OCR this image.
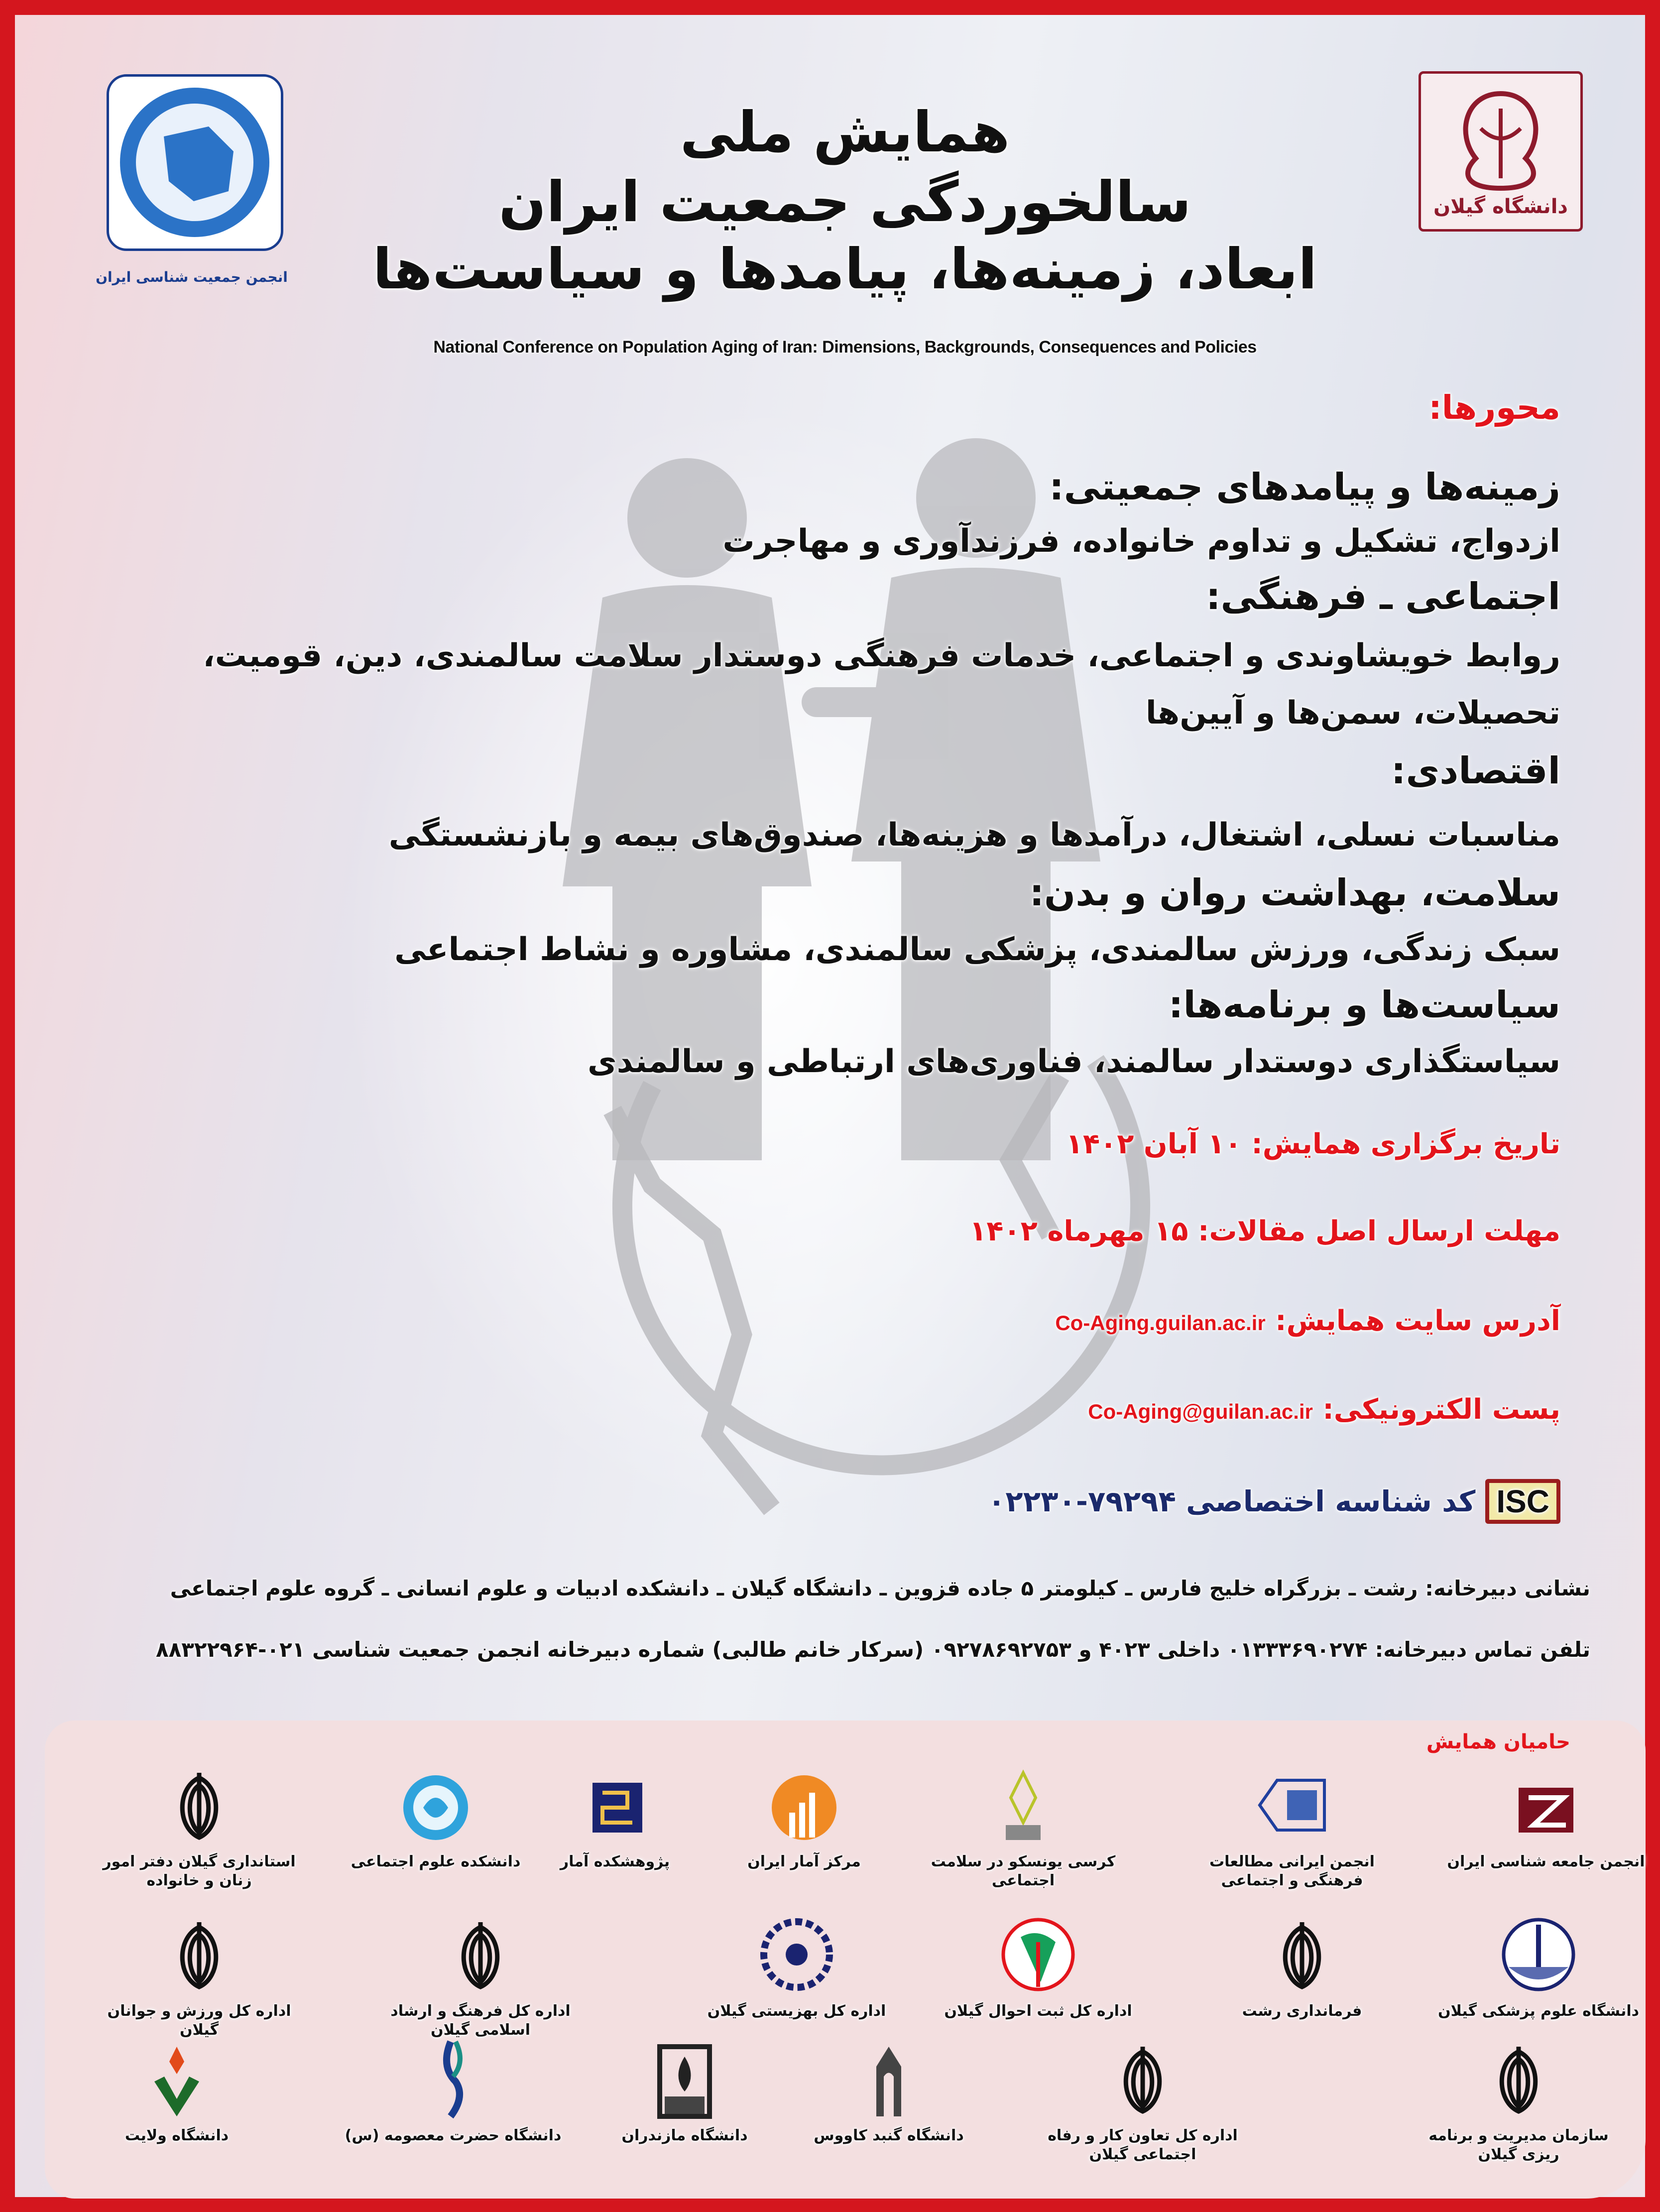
انجمن جمعیت شناسی ایران
دانشگاه گیلان
همایش ملی
سالخوردگی جمعیت ایران
ابعاد، زمینه‌ها، پیامدها و سیاست‌ها
National Conference on Population Aging of Iran: Dimensions, Backgrounds, Consequences and Policies
محورها:
زمینه‌ها و پیامدهای جمعیتی:
ازدواج، تشکیل و تداوم خانواده، فرزندآوری و مهاجرت
اجتماعی ـ فرهنگی:
روابط خویشاوندی و اجتماعی، خدمات فرهنگی دوستدار سلامت سالمندی، دین، قومیت،
تحصیلات، سمن‌ها و آیین‌ها
اقتصادی:
مناسبات نسلی، اشتغال، درآمدها و هزینه‌ها، صندوق‌های بیمه و بازنشستگی
سلامت، بهداشت روان و بدن:
سبک زندگی، ورزش سالمندی، پزشکی سالمندی، مشاوره و نشاط اجتماعی
سیاست‌ها و برنامه‌ها:
سیاستگذاری دوستدار سالمند، فناوری‌های ارتباطی و سالمندی
تاریخ برگزاری همایش: ۱۰ آبان ۱۴۰۲
مهلت ارسال اصل مقالات: ۱۵ مهرماه ۱۴۰۲
آدرس سایت همایش: Co-Aging.guilan.ac.ir
پست الکترونیکی: Co-Aging@guilan.ac.ir
ISC
کد شناسه اختصاصی
۰۲۲۳۰-۷۹۲۹۴
نشانی دبیرخانه: رشت ـ بزرگراه خلیج فارس ـ کیلومتر ۵ جاده قزوین ـ دانشگاه گیلان ـ دانشکده ادبیات و علوم انسانی ـ گروه علوم اجتماعی
تلفن تماس دبیرخانه: ۰۱۳۳۳۶۹۰۲۷۴ داخلی ۴۰۲۳ و ۰۹۲۷۸۶۹۲۷۵۳ (سرکار خانم طالبی) شماره دبیرخانه انجمن جمعیت شناسی ۰۲۱-۸۸۳۲۲۹۶۴
حامیان همایش
انجمن جامعه شناسی ایران
انجمن ایرانی مطالعات فرهنگی و اجتماعی
کرسی یونسکو در سلامت اجتماعی
مرکز آمار ایران
پژوهشکده آمار
دانشکده علوم اجتماعی
استانداری گیلان دفتر امور زنان و خانواده
دانشگاه علوم پزشکی گیلان
فرمانداری رشت
اداره کل ثبت احوال گیلان
اداره کل بهزیستی گیلان
اداره کل فرهنگ و ارشاد اسلامی گیلان
اداره کل ورزش و جوانان گیلان
سازمان مدیریت و برنامه ریزی گیلان
اداره کل تعاون کار و رفاه اجتماعی گیلان
دانشگاه گنبد کاووس
دانشگاه مازندران
دانشگاه حضرت معصومه (س)
دانشگاه ولایت
